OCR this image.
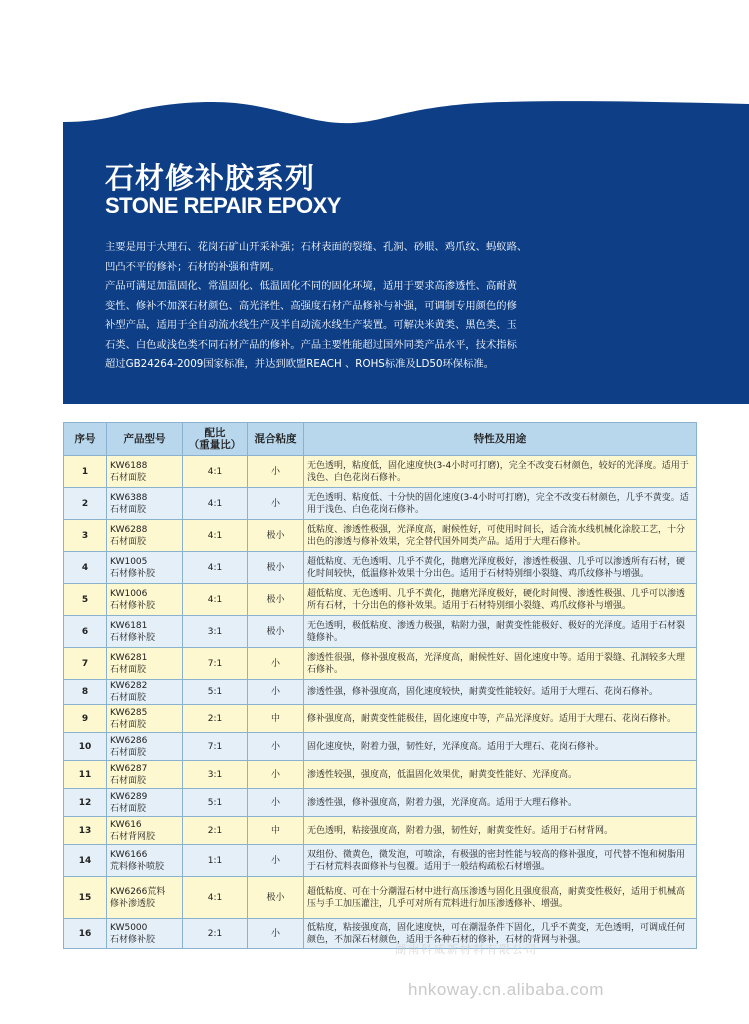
石材修补胶系列
STONE REPAIR EPOXY

主要是用于大理石、花岗石矿山开采补强；石材表面的裂缝、孔洞、砂眼、鸡爪纹、蚂蚁路、

凹凸不平的修补；石材的补强和背网。

产品可满足加温固化、常温固化、低温固化不同的固化环境，适用于要求高渗透性、高耐黄

变性、修补不加深石材颜色、高光泽性、高强度石材产品修补与补强，可调制专用颜色的修

补型产品，适用于全自动流水线生产及半自动流水线生产装置。可解决米黄类、黑色类、玉

石类、白色或浅色类不同石材产品的修补。产品主要性能超过国外同类产品水平，技术指标

超过GB24264-2009国家标准，并达到欧盟REACH 、ROHS标准及LD50环保标准。

序号	产品型号	配比
（重量比）	混合粘度	特性及用途
1	KW6188
石材面胶	4:1	小	无色透明，粘度低，固化速度快(3-4小时可打磨)，完全不改变石材颜色，较好的光泽度。适用于浅色、白色花岗石修补。
2	KW6388
石材面胶	4:1	小	无色透明、粘度低、十分快的固化速度(3-4小时可打磨)，完全不改变石材颜色，几乎不黄变。适用于浅色、白色花岗石修补。
3	KW6288
石材面胶	4:1	极小	低粘度、渗透性极强，光泽度高，耐候性好，可使用时间长，适合流水线机械化涂胶工艺，十分出色的渗透与修补效果，完全替代国外同类产品。适用于大理石修补。
4	KW1005
石材修补胶	4:1	极小	超低粘度、无色透明、几乎不黄化，抛磨光泽度极好，渗透性极强、几乎可以渗透所有石材，硬化时间较快，低温修补效果十分出色。适用于石材特别细小裂缝、鸡爪纹修补与增强。
5	KW1006
石材修补胶	4:1	极小	超低粘度、无色透明、几乎不黄化，抛磨光泽度极好，硬化时间慢、渗透性极强、几乎可以渗透所有石材，十分出色的修补效果。适用于石材特别细小裂缝、鸡爪纹修补与增强。
6	KW6181
石材修补胶	3:1	极小	无色透明，极低粘度、渗透力极强，粘附力强，耐黄变性能极好、极好的光泽度。适用于石材裂缝修补。
7	KW6281
石材面胶	7:1	小	渗透性很强，修补强度极高，光泽度高，耐候性好、固化速度中等。适用于裂缝、孔洞较多大理石修补。
8	KW6282
石材面胶	5:1	小	渗透性强，修补强度高，固化速度较快，耐黄变性能较好。适用于大理石、花岗石修补。
9	KW6285
石材面胶	2:1	中	修补强度高，耐黄变性能极佳，固化速度中等，产品光泽度好。适用于大理石、花岗石修补。
10	KW6286
石材面胶	7:1	小	固化速度快，附着力强，韧性好，光泽度高。适用于大理石、花岗石修补。
11	KW6287
石材面胶	3:1	小	渗透性较强，强度高，低温固化效果优，耐黄变性能好、光泽度高。
12	KW6289
石材面胶	5:1	小	渗透性强，修补强度高，附着力强，光泽度高。适用于大理石修补。
13	KW616
石材背网胶	2:1	中	无色透明，粘接强度高，附着力强，韧性好，耐黄变性好。适用于石材背网。
14	KW6166
荒料修补喷胶	1:1	小	双组份、微黄色，微发泡，可喷涂，有极强的密封性能与较高的修补强度，可代替不饱和树脂用于石材荒料表面修补与包覆。适用于一般结构疏松石材增强。
15	KW6266荒料
修补渗透胶	4:1	极小	超低粘度、可在十分潮湿石材中进行高压渗透与固化且强度很高，耐黄变性极好，适用于机械高压与手工加压灌注，几乎可对所有荒料进行加压渗透修补、增强。
16	KW5000
石材修补胶	2:1	小	低粘度，粘接强度高，固化速度快，可在潮湿条件下固化，几乎不黄变，无色透明，可调成任何颜色，不加深石材颜色，适用于各种石材的修补，石材的背网与补强。
湖南科威新材料有限公司
hnkoway.cn.alibaba.com
